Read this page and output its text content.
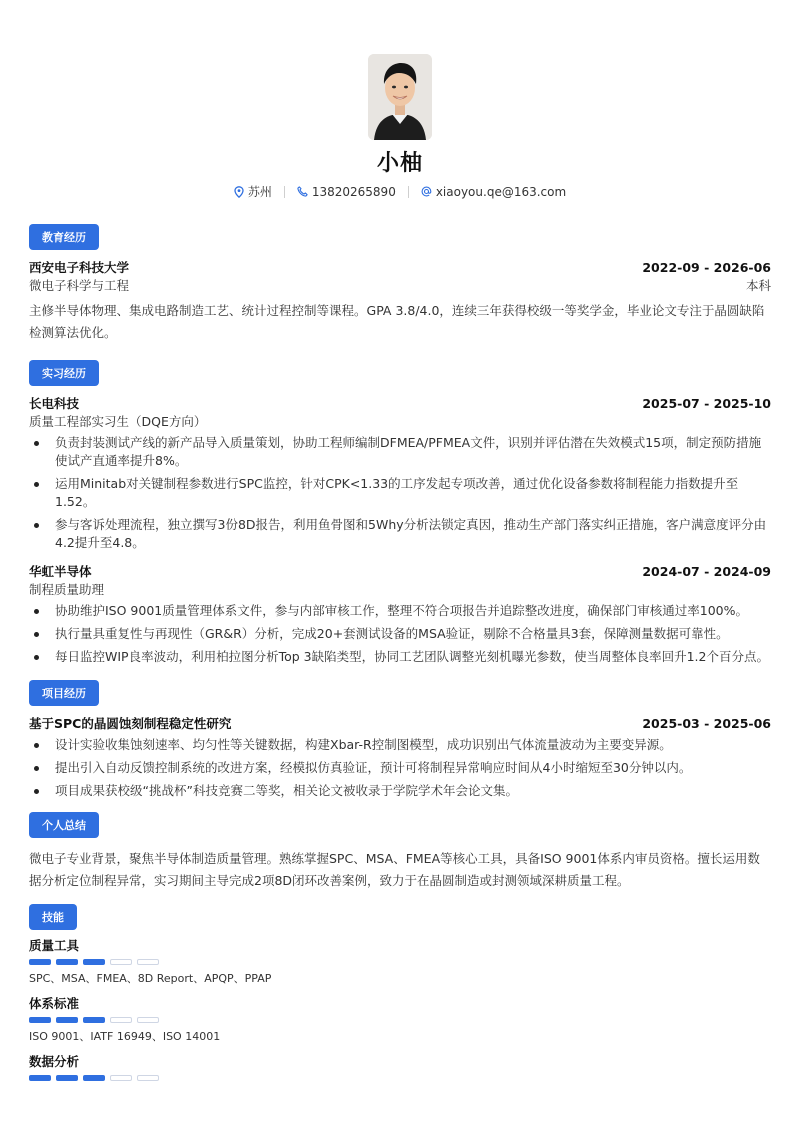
小柚
苏州	13820265890	xiaoyou.qe@163.com
教育经历
西安电子科技大学	2022-09 - 2026-06
微电子科学与工程	本科
主修半导体物理、集成电路制造工艺、统计过程控制等课程。GPA 3.8/4.0，连续三年获得校级一等奖学金，毕业论文专注于晶圆缺陷检测算法优化。
实习经历
长电科技	2025-07 - 2025-10
质量工程部实习生（DQE方向）
负责封装测试产线的新产品导入质量策划，协助工程师编制DFMEA/PFMEA文件，识别并评估潜在失效模式15项，制定预防措施使试产直通率提升8%。
运用Minitab对关键制程参数进行SPC监控，针对CPK<1.33的工序发起专项改善，通过优化设备参数将制程能力指数提升至1.52。
参与客诉处理流程，独立撰写3份8D报告，利用鱼骨图和5Why分析法锁定真因，推动生产部门落实纠正措施，客户满意度评分由4.2提升至4.8。
华虹半导体	2024-07 - 2024-09
制程质量助理
协助维护ISO 9001质量管理体系文件，参与内部审核工作，整理不符合项报告并追踪整改进度，确保部门审核通过率100%。
执行量具重复性与再现性（GR&R）分析，完成20+套测试设备的MSA验证，剔除不合格量具3套，保障测量数据可靠性。
每日监控WIP良率波动，利用柏拉图分析Top 3缺陷类型，协同工艺团队调整光刻机曝光参数，使当周整体良率回升1.2个百分点。
项目经历
基于SPC的晶圆蚀刻制程稳定性研究	2025-03 - 2025-06
设计实验收集蚀刻速率、均匀性等关键数据，构建Xbar-R控制图模型，成功识别出气体流量波动为主要变异源。
提出引入自动反馈控制系统的改进方案，经模拟仿真验证，预计可将制程异常响应时间从4小时缩短至30分钟以内。
项目成果获校级“挑战杯”科技竞赛二等奖，相关论文被收录于学院学术年会论文集。
个人总结
微电子专业背景，聚焦半导体制造质量管理。熟练掌握SPC、MSA、FMEA等核心工具，具备ISO 9001体系内审员资格。擅长运用数据分析定位制程异常，实习期间主导完成2项8D闭环改善案例，致力于在晶圆制造或封测领域深耕质量工程。
技能
质量工具
SPC、MSA、FMEA、8D Report、APQP、PPAP
体系标准
ISO 9001、IATF 16949、ISO 14001
数据分析
